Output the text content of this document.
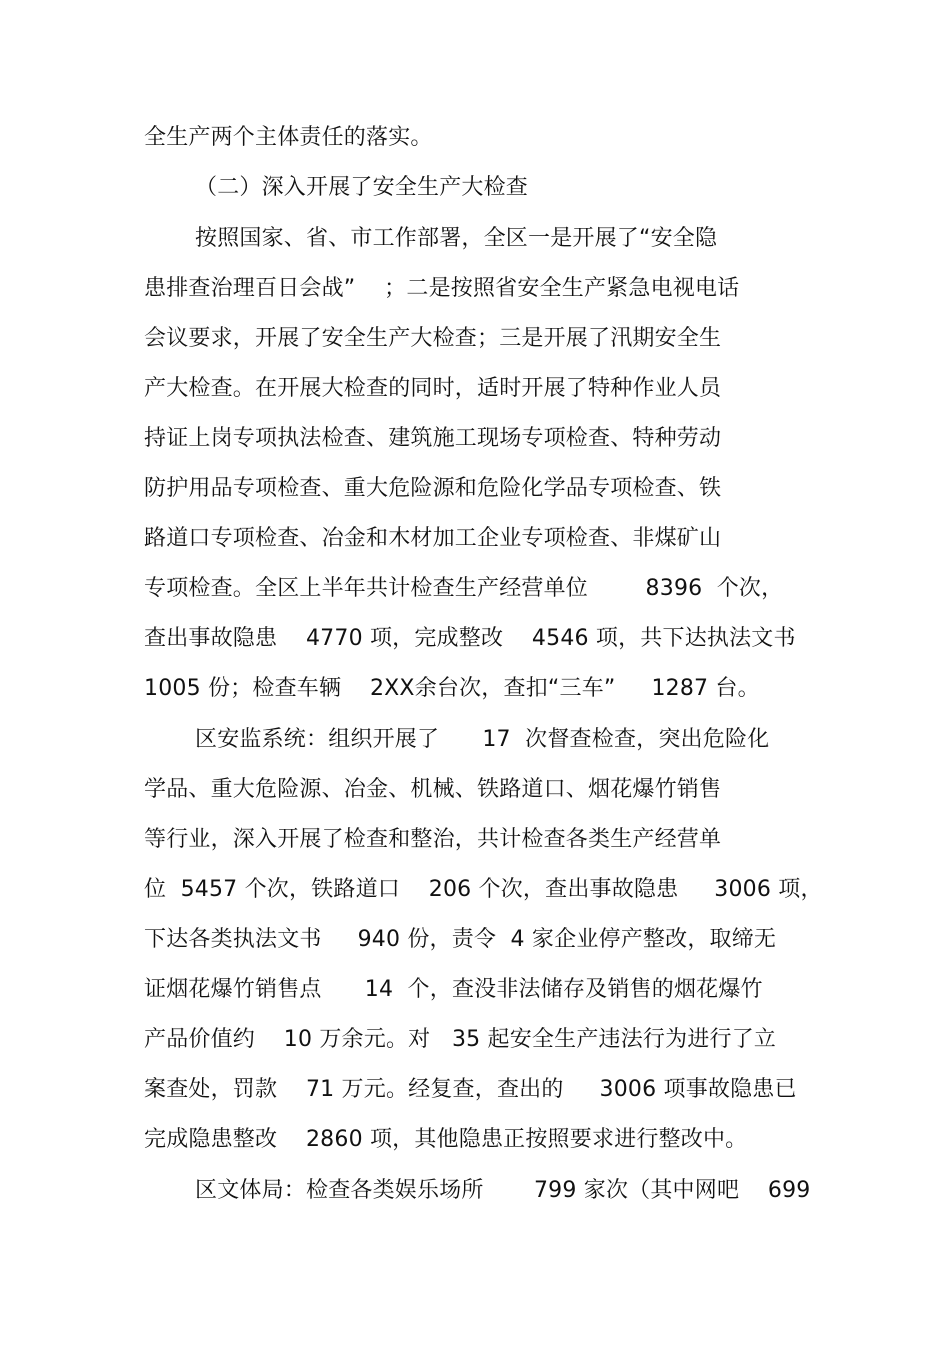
全生产两个主体责任的落实。
（二）深入开展了安全生产大检查
按照国家、省、市工作部署，全区一是开展了“安全隐
患排查治理百日会战”    ；二是按照省安全生产紧急电视电话
会议要求，开展了安全生产大检查；三是开展了汛期安全生
产大检查。在开展大检查的同时，适时开展了特种作业人员
持证上岗专项执法检查、建筑施工现场专项检查、特种劳动
防护用品专项检查、重大危险源和危险化学品专项检查、铁
路道口专项检查、冶金和木材加工企业专项检查、非煤矿山
专项检查。全区上半年共计检查生产经营单位        8396  个次，
查出事故隐患    4770 项，完成整改    4546 项，共下达执法文书
1005 份；检查车辆    2XX余台次，查扣“三车”     1287 台。
区安监系统：组织开展了      17  次督查检查，突出危险化
学品、重大危险源、冶金、机械、铁路道口、烟花爆竹销售
等行业，深入开展了检查和整治，共计检查各类生产经营单
位  5457 个次，铁路道口    206 个次，查出事故隐患     3006 项，
下达各类执法文书     940 份，责令  4 家企业停产整改，取缔无
证烟花爆竹销售点      14  个，查没非法储存及销售的烟花爆竹
产品价值约    10 万余元。对   35 起安全生产违法行为进行了立
案查处，罚款    71 万元。经复查，查出的     3006 项事故隐患已
完成隐患整改    2860 项，其他隐患正按照要求进行整改中。
区文体局：检查各类娱乐场所       799 家次（其中网吧    699
